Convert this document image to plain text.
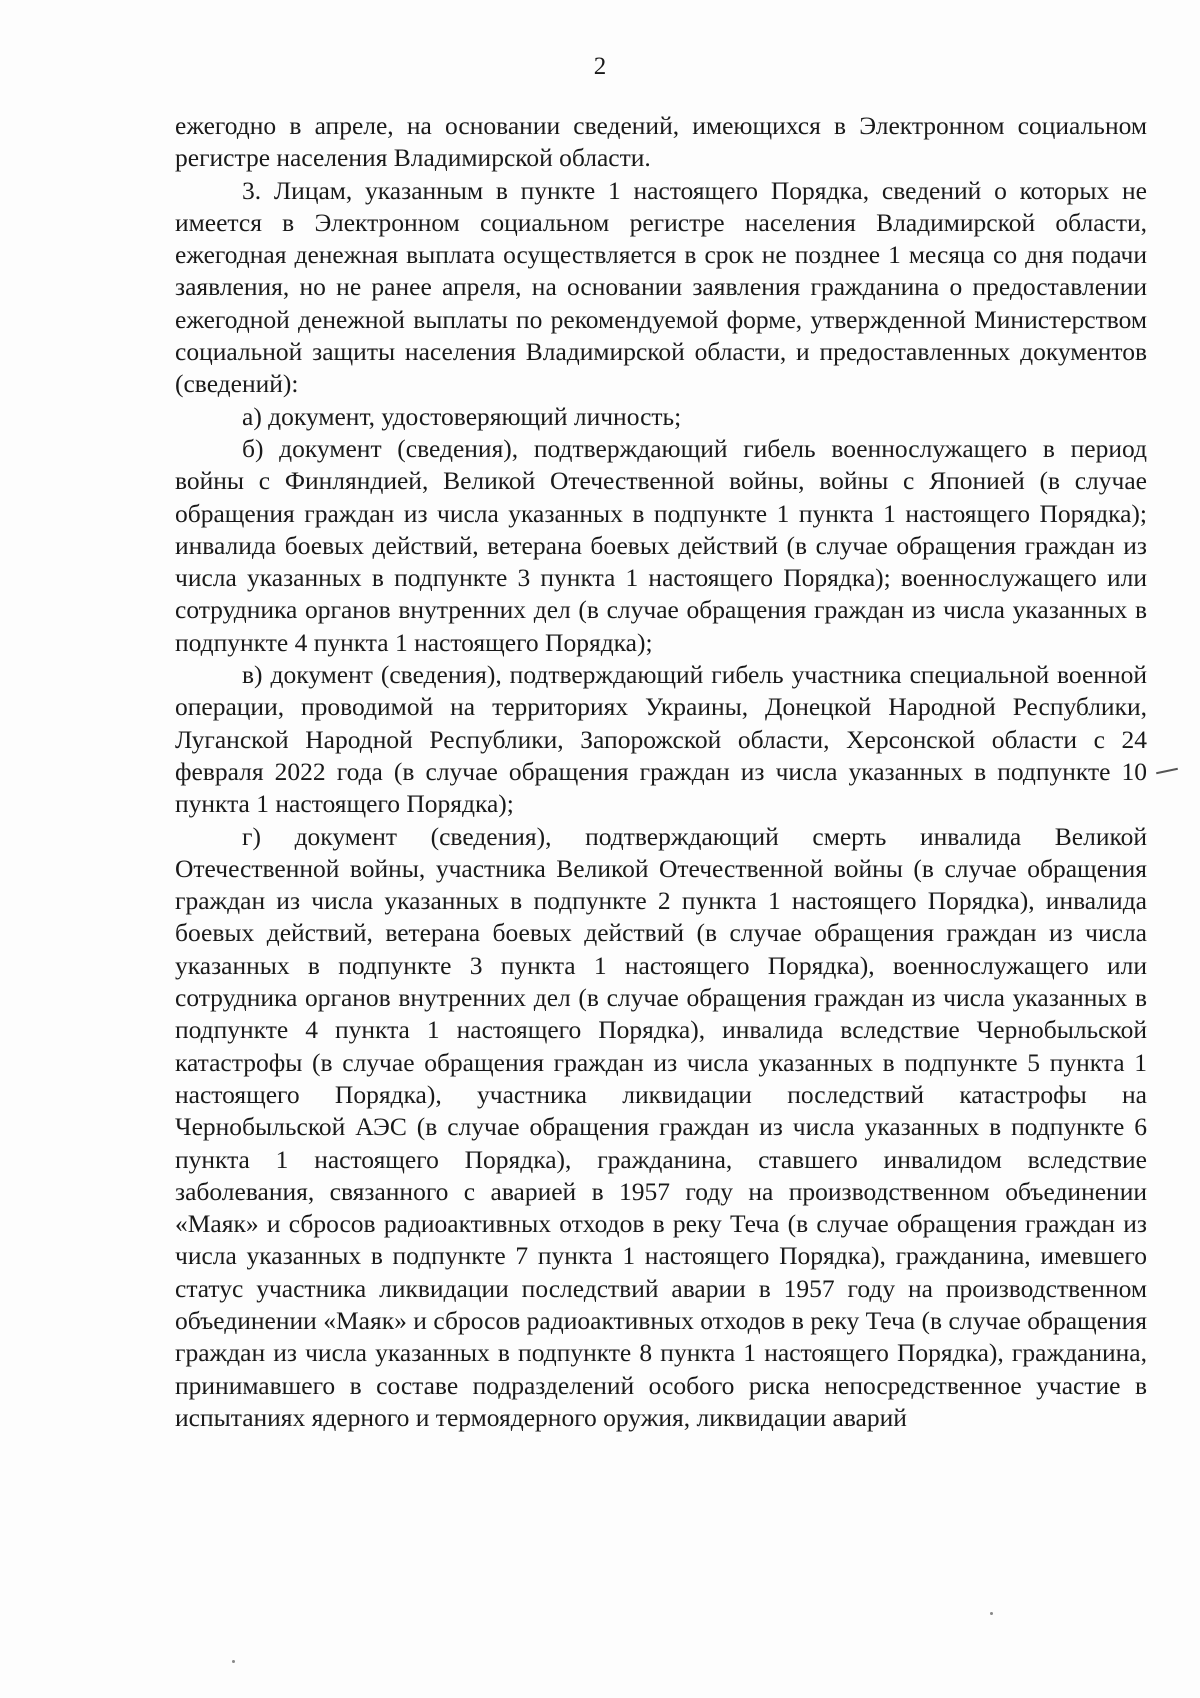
2

ежегодно в апреле, на основании сведений, имеющихся в Электронном социальном регистре населения Владимирской области.

3. Лицам, указанным в пункте 1 настоящего Порядка, сведений о которых не имеется в Электронном социальном регистре населения Владимирской области, ежегодная денежная выплата осуществляется в срок не позднее 1 месяца со дня подачи заявления, но не ранее апреля, на основании заявления гражданина о предоставлении ежегодной денежной выплаты по рекомендуемой форме, утвержденной Министерством социальной защиты населения Владимирской области, и предоставленных документов (сведений):

а) документ, удостоверяющий личность;

б) документ (сведения), подтверждающий гибель военнослужащего в период войны с Финляндией, Великой Отечественной войны, войны с Японией (в случае обращения граждан из числа указанных в подпункте 1 пункта 1 настоящего Порядка); инвалида боевых действий, ветерана боевых действий (в случае обращения граждан из числа указанных в подпункте 3 пункта 1 настоящего Порядка); военнослужащего или сотрудника органов внутренних дел (в случае обращения граждан из числа указанных в подпункте 4 пункта 1 настоящего Порядка);

в) документ (сведения), подтверждающий гибель участника специальной военной операции, проводимой на территориях Украины, Донецкой Народной Республики, Луганской Народной Республики, Запорожской области, Херсонской области с 24 февраля 2022 года (в случае обращения граждан из числа указанных в подпункте 10 пункта 1 настоящего Порядка);

г) документ (сведения), подтверждающий смерть инвалида Великой Отечественной войны, участника Великой Отечественной войны (в случае обращения граждан из числа указанных в подпункте 2 пункта 1 настоящего Порядка), инвалида боевых действий, ветерана боевых действий (в случае обращения граждан из числа указанных в подпункте 3 пункта 1 настоящего Порядка), военнослужащего или сотрудника органов внутренних дел (в случае обращения граждан из числа указанных в подпункте 4 пункта 1 настоящего Порядка), инвалида вследствие Чернобыльской катастрофы (в случае обращения граждан из числа указанных в подпункте 5 пункта 1 настоящего Порядка), участника ликвидации последствий катастрофы на Чернобыльской АЭС (в случае обращения граждан из числа указанных в подпункте 6 пункта 1 настоящего Порядка), гражданина, ставшего инвалидом вследствие заболевания, связанного с аварией в 1957 году на производственном объединении «Маяк» и сбросов радиоактивных отходов в реку Теча (в случае обращения граждан из числа указанных в подпункте 7 пункта 1 настоящего Порядка), гражданина, имевшего статус участника ликвидации последствий аварии в 1957 году на производственном объединении «Маяк» и сбросов радиоактивных отходов в реку Теча (в случае обращения граждан из числа указанных в подпункте 8 пункта 1 настоящего Порядка), гражданина, принимавшего в составе подразделений особого риска непосредственное участие в испытаниях ядерного и термоядерного оружия, ликвидации аварий
